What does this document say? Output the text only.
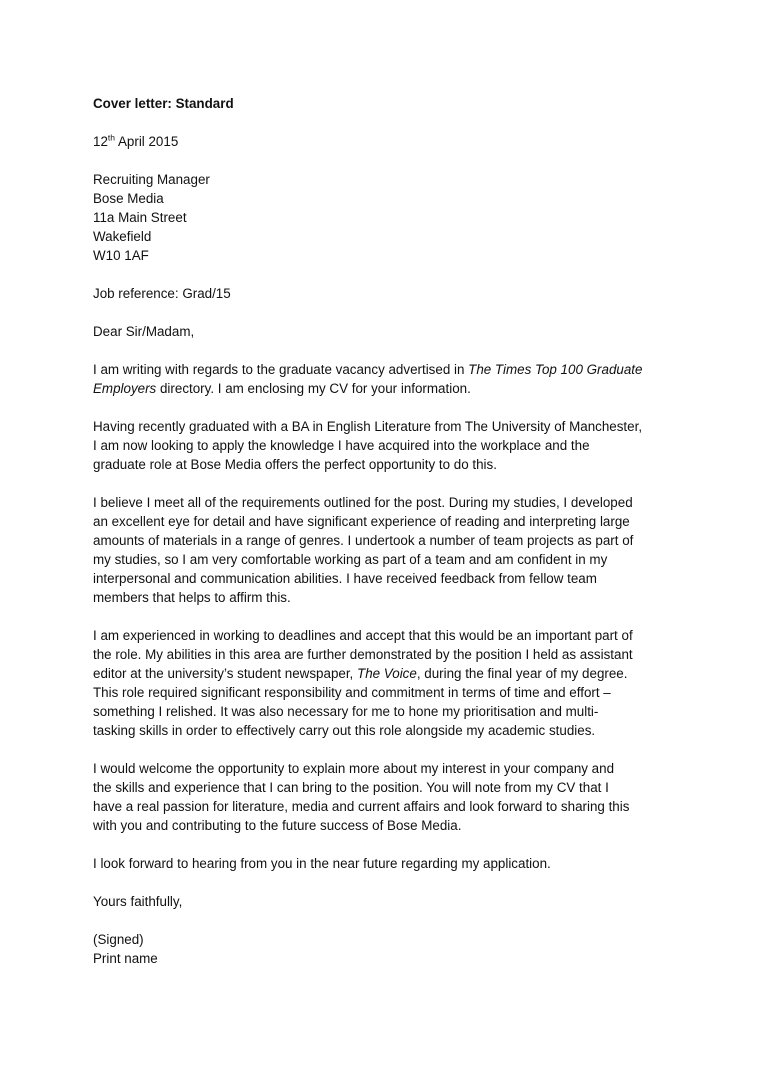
Cover letter: Standard
12th April 2015
Recruiting Manager
Bose Media
11a Main Street
Wakefield
W10 1AF
Job reference: Grad/15
Dear Sir/Madam,
I am writing with regards to the graduate vacancy advertised in The Times Top 100 Graduate
Employers directory. I am enclosing my CV for your information.
Having recently graduated with a BA in English Literature from The University of Manchester,
I am now looking to apply the knowledge I have acquired into the workplace and the
graduate role at Bose Media offers the perfect opportunity to do this.
I believe I meet all of the requirements outlined for the post. During my studies, I developed
an excellent eye for detail and have significant experience of reading and interpreting large
amounts of materials in a range of genres. I undertook a number of team projects as part of
my studies, so I am very comfortable working as part of a team and am confident in my
interpersonal and communication abilities. I have received feedback from fellow team
members that helps to affirm this.
I am experienced in working to deadlines and accept that this would be an important part of
the role. My abilities in this area are further demonstrated by the position I held as assistant
editor at the university’s student newspaper, The Voice, during the final year of my degree.
This role required significant responsibility and commitment in terms of time and effort –
something I relished. It was also necessary for me to hone my prioritisation and multi-
tasking skills in order to effectively carry out this role alongside my academic studies.
I would welcome the opportunity to explain more about my interest in your company and
the skills and experience that I can bring to the position. You will note from my CV that I
have a real passion for literature, media and current affairs and look forward to sharing this
with you and contributing to the future success of Bose Media.
I look forward to hearing from you in the near future regarding my application.
Yours faithfully,
(Signed)
Print name
